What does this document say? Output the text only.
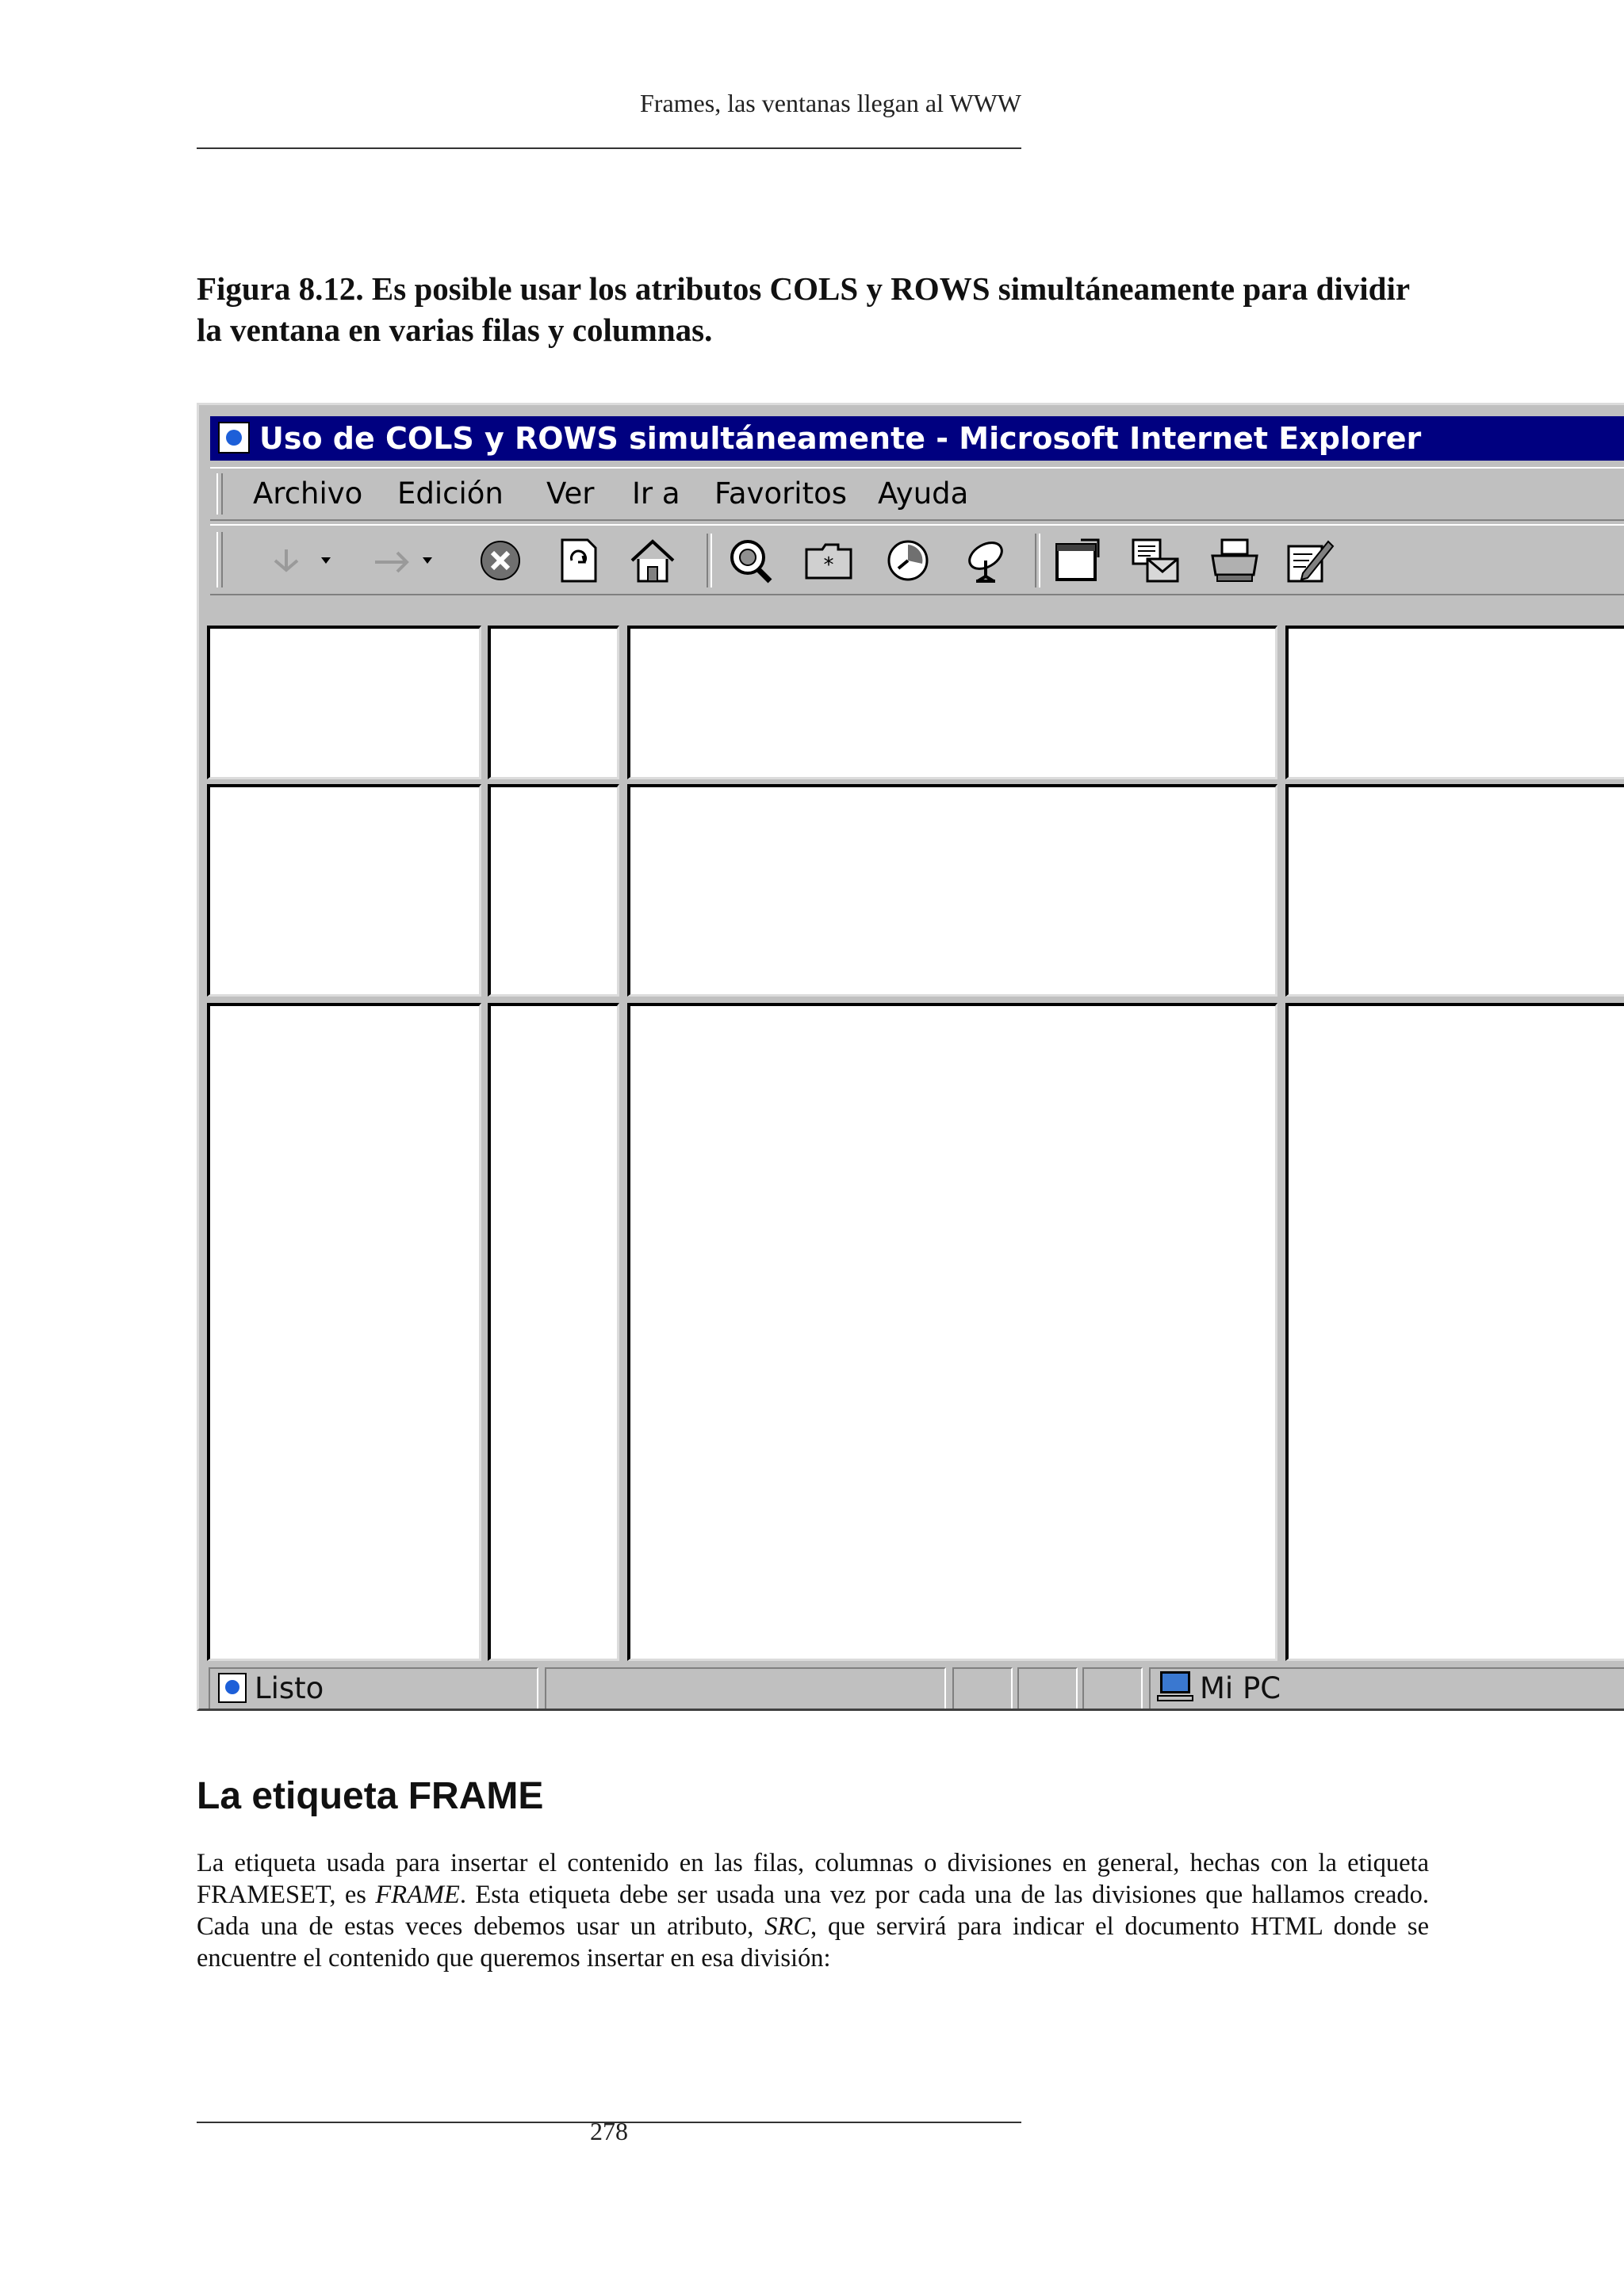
Frames, las ventanas llegan al WWW
Figura 8.12. Es posible usar los atributos COLS y ROWS simultáneamente para dividir la ventana en varias filas y columnas.
Uso de COLS y ROWS simultáneamente - Microsoft Internet Explorer
Archivo Edición Ver Ir a Favoritos Ayuda
*
Listo	Mi PC
La etiqueta FRAME
La etiqueta usada para insertar el contenido en las filas, columnas o divisiones en general, hechas con la etiqueta FRAMESET, es FRAME. Esta etiqueta debe ser usada una vez por cada una de las divisiones que hallamos creado. Cada una de estas veces debemos usar un atributo, SRC, que servirá para indicar el documento HTML donde se encuentre el contenido que queremos insertar en esa división:
278
